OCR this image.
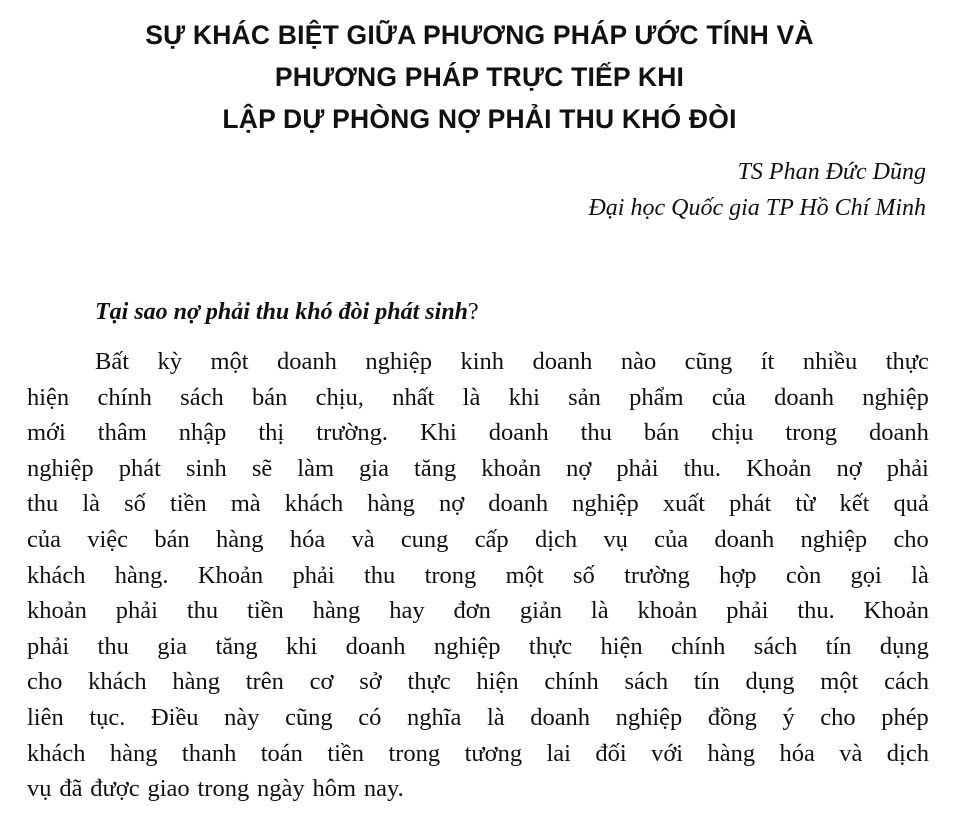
SỰ KHÁC BIỆT GIỮA PHƯƠNG PHÁP ƯỚC TÍNH VÀ
PHƯƠNG PHÁP TRỰC TIẾP KHI
LẬP DỰ PHÒNG NỢ PHẢI THU KHÓ ĐÒI
TS Phan Đức Dũng
Đại học Quốc gia TP Hồ Chí Minh
Tại sao nợ phải thu khó đòi phát sinh?
Bất kỳ một doanh nghiệp kinh doanh nào cũng ít nhiều thực
hiện chính sách bán chịu, nhất là khi sản phẩm của doanh nghiệp
mới thâm nhập thị trường. Khi doanh thu bán chịu trong doanh
nghiệp phát sinh sẽ làm gia tăng khoản nợ phải thu. Khoản nợ phải
thu là số tiền mà khách hàng nợ doanh nghiệp xuất phát từ kết quả
của việc bán hàng hóa và cung cấp dịch vụ của doanh nghiệp cho
khách hàng. Khoản phải thu trong một số trường hợp còn gọi là
khoản phải thu tiền hàng hay đơn giản là khoản phải thu. Khoản
phải thu gia tăng khi doanh nghiệp thực hiện chính sách tín dụng
cho khách hàng trên cơ sở thực hiện chính sách tín dụng một cách
liên tục. Điều này cũng có nghĩa là doanh nghiệp đồng ý cho phép
khách hàng thanh toán tiền trong tương lai đối với hàng hóa và dịch
vụ đã được giao trong ngày hôm nay.
